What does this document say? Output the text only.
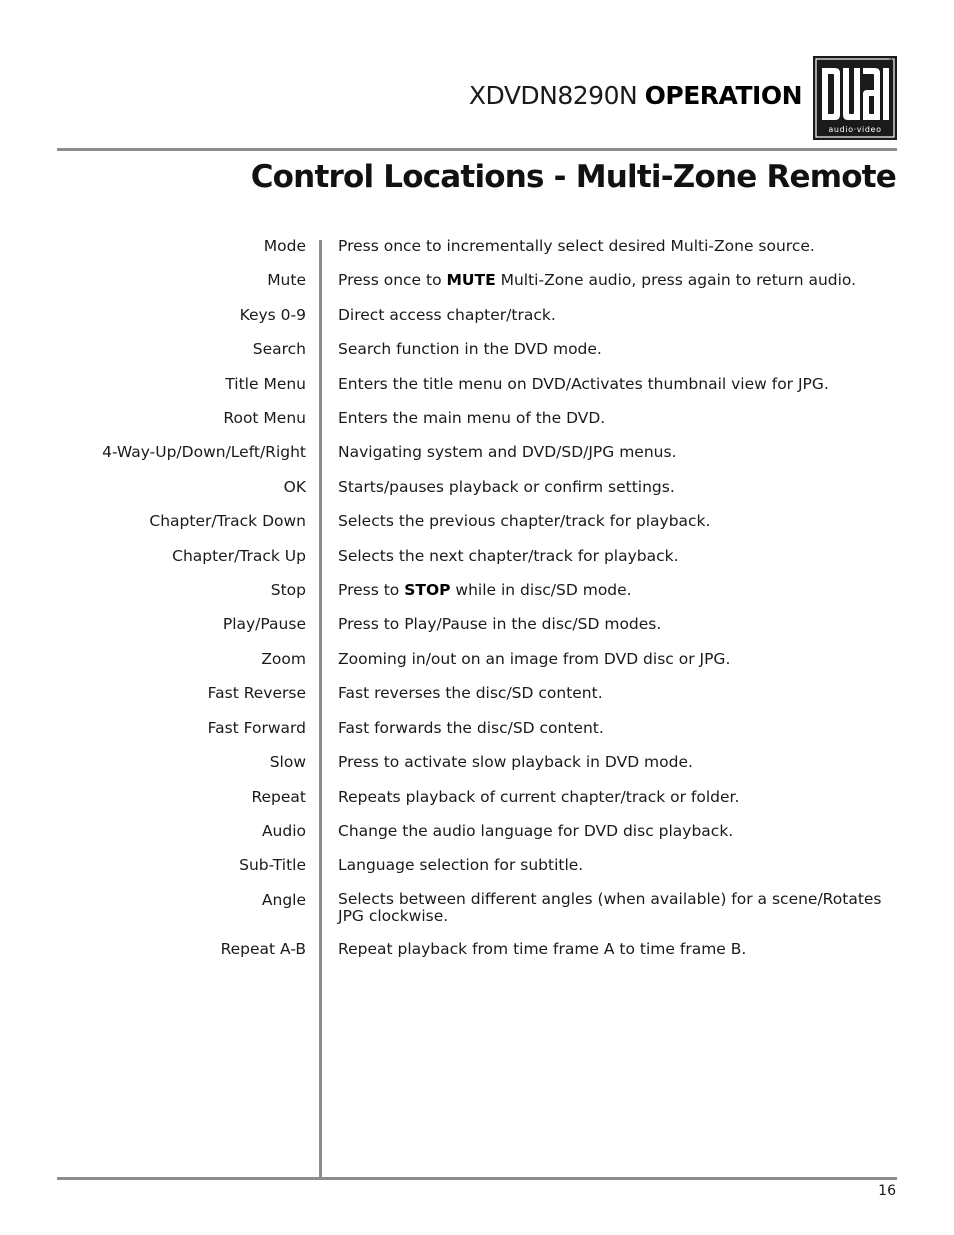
XDVDN8290N OPERATION
audio·video
®
Control Locations - Multi-Zone Remote
Mode Press once to incrementally select desired Multi-Zone source.
Mute Press once to MUTE Multi-Zone audio, press again to return audio.
Keys 0-9 Direct access chapter/track.
Search Search function in the DVD mode.
Title Menu Enters the title menu on DVD/Activates thumbnail view for JPG.
Root Menu Enters the main menu of the DVD.
4-Way-Up/Down/Left/Right Navigating system and DVD/SD/JPG menus.
OK Starts/pauses playback or confirm settings.
Chapter/Track Down Selects the previous chapter/track for playback.
Chapter/Track Up Selects the next chapter/track for playback.
Stop Press to STOP while in disc/SD mode.
Play/Pause Press to Play/Pause in the disc/SD modes.
Zoom Zooming in/out on an image from DVD disc or JPG.
Fast Reverse Fast reverses the disc/SD content.
Fast Forward Fast forwards the disc/SD content.
Slow Press to activate slow playback in DVD mode.
Repeat Repeats playback of current chapter/track or folder.
Audio Change the audio language for DVD disc playback.
Sub-Title Language selection for subtitle.
Angle Selects between different angles (when available) for a scene/Rotates JPG clockwise.
Repeat A-B Repeat playback from time frame A to time frame B.
16
